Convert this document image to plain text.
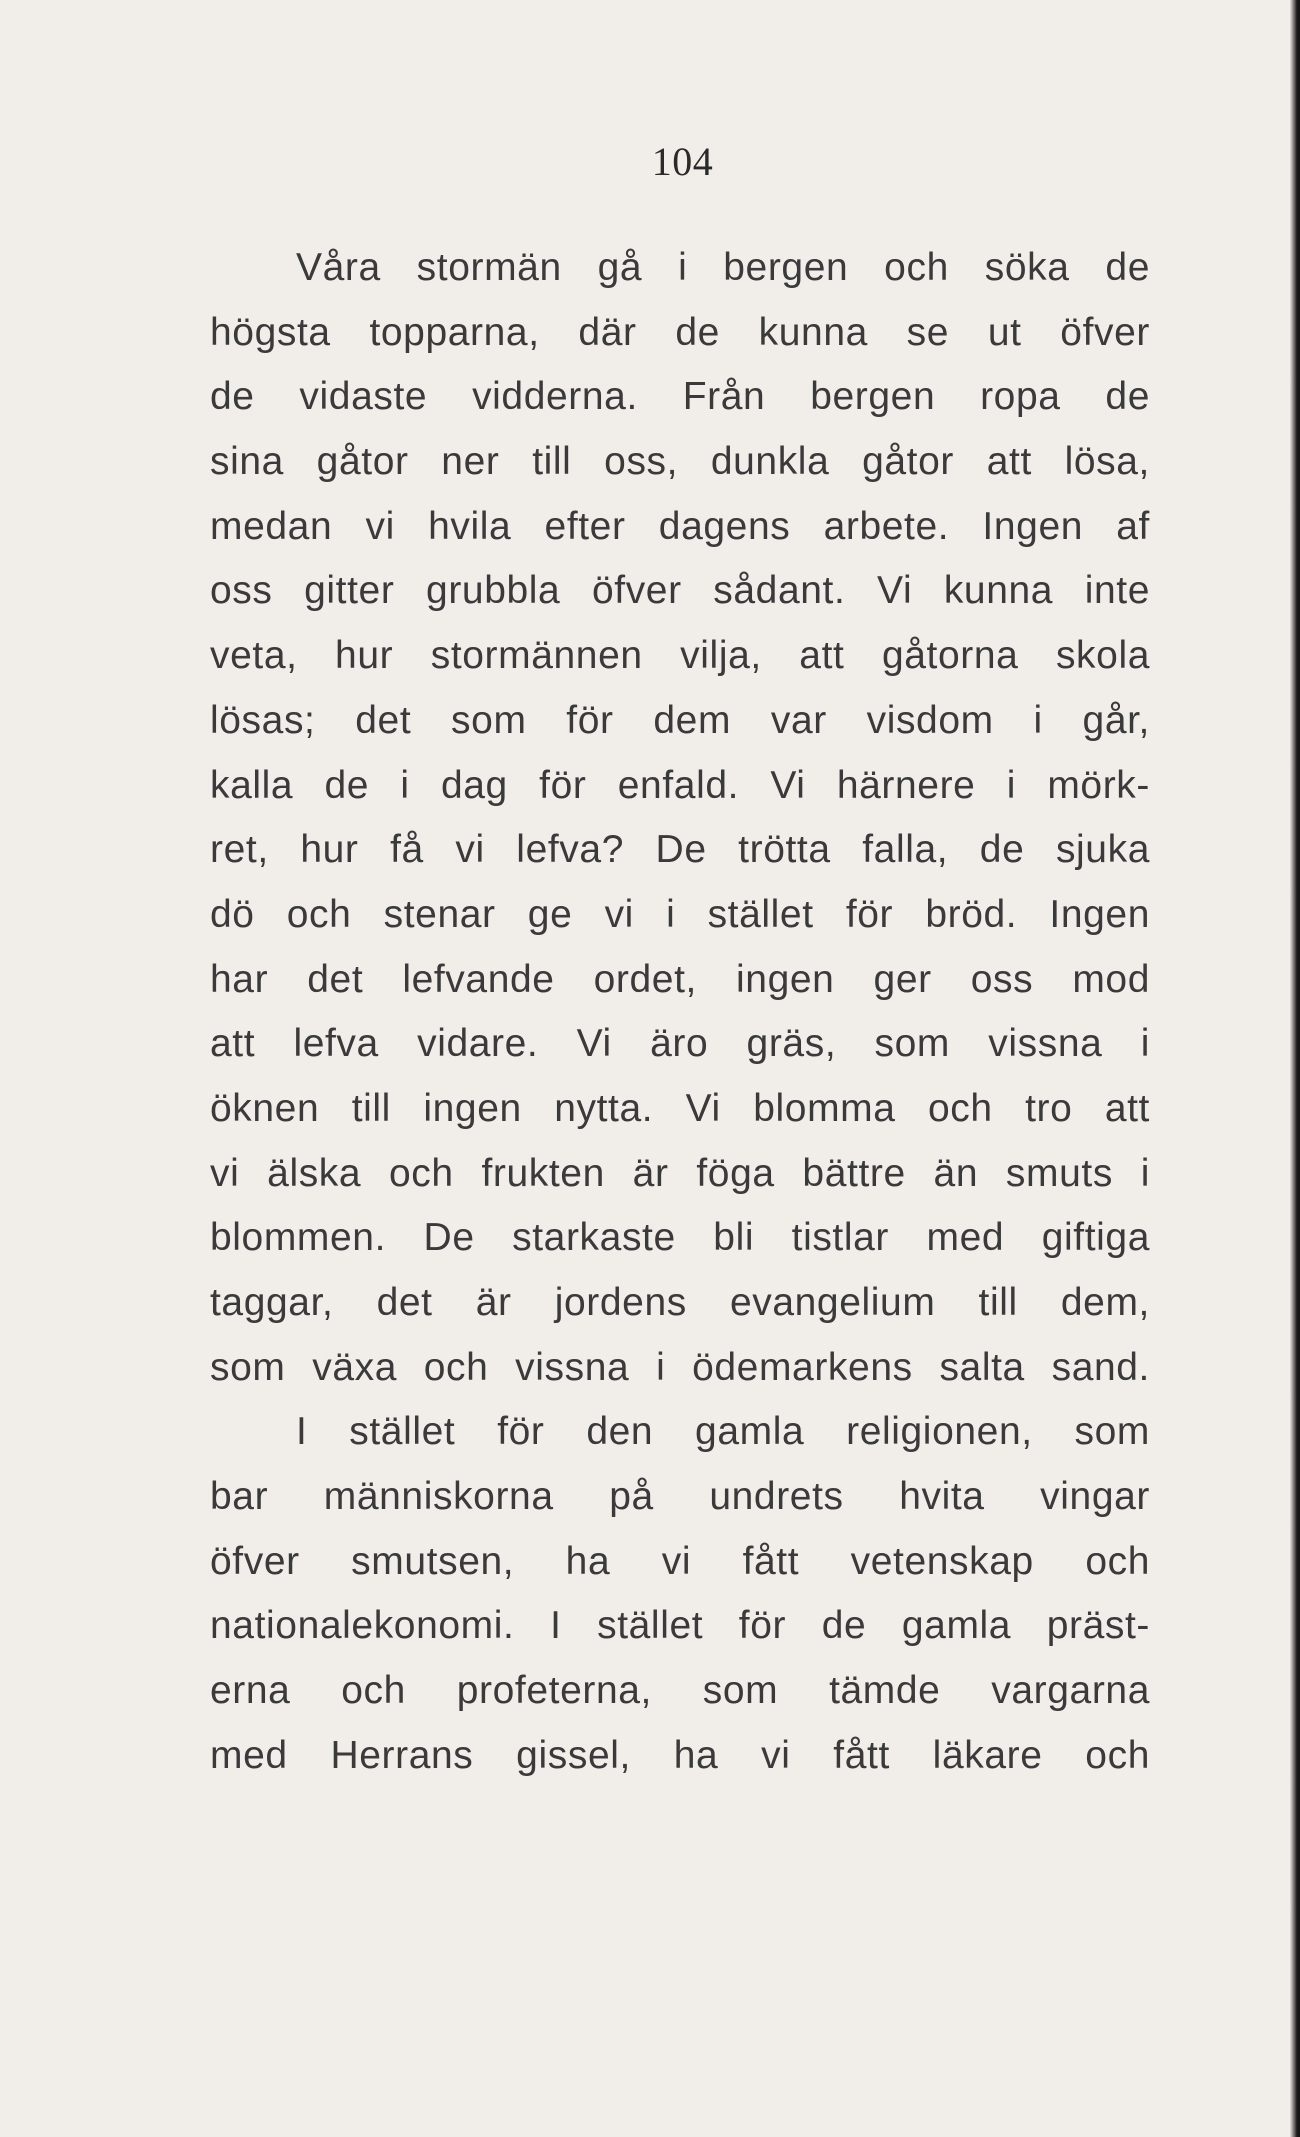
104
Våra stormän gå i bergen och söka de
högsta topparna, där de kunna se ut öfver
de vidaste vidderna. Från bergen ropa de
sina gåtor ner till oss, dunkla gåtor att lösa,
medan vi hvila efter dagens arbete. Ingen af
oss gitter grubbla öfver sådant. Vi kunna inte
veta, hur stormännen vilja, att gåtorna skola
lösas; det som för dem var visdom i går,
kalla de i dag för enfald. Vi härnere i mörk-
ret, hur få vi lefva? De trötta falla, de sjuka
dö och stenar ge vi i stället för bröd. Ingen
har det lefvande ordet, ingen ger oss mod
att lefva vidare. Vi äro gräs, som vissna i
öknen till ingen nytta. Vi blomma och tro att
vi älska och frukten är föga bättre än smuts i
blommen. De starkaste bli tistlar med giftiga
taggar, det är jordens evangelium till dem,
som växa och vissna i ödemarkens salta sand.
I stället för den gamla religionen, som
bar människorna på undrets hvita vingar
öfver smutsen, ha vi fått vetenskap och
nationalekonomi. I stället för de gamla präst-
erna och profeterna, som tämde vargarna
med Herrans gissel, ha vi fått läkare och
